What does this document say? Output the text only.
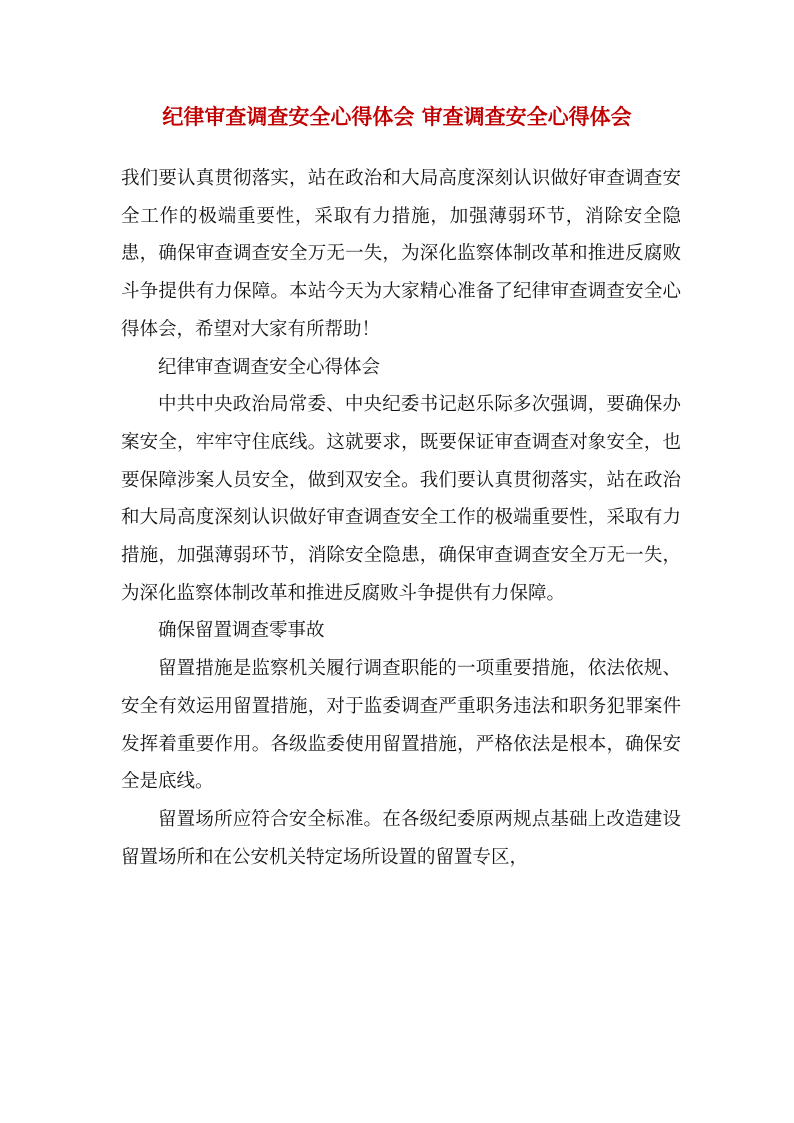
纪律审查调查安全心得体会 审查调查安全心得体会

我们要认真贯彻落实，站在政治和大局高度深刻认识做好审查调查安全工作的极端重要性，采取有力措施，加强薄弱环节，消除安全隐患，确保审查调查安全万无一失，为深化监察体制改革和推进反腐败斗争提供有力保障。本站今天为大家精心准备了纪律审查调查安全心得体会，希望对大家有所帮助！

纪律审查调查安全心得体会

中共中央政治局常委、中央纪委书记赵乐际多次强调，要确保办案安全，牢牢守住底线。这就要求，既要保证审查调查对象安全，也要保障涉案人员安全，做到双安全。我们要认真贯彻落实，站在政治和大局高度深刻认识做好审查调查安全工作的极端重要性，采取有力措施，加强薄弱环节，消除安全隐患，确保审查调查安全万无一失，为深化监察体制改革和推进反腐败斗争提供有力保障。

确保留置调查零事故

留置措施是监察机关履行调查职能的一项重要措施，依法依规、安全有效运用留置措施，对于监委调查严重职务违法和职务犯罪案件发挥着重要作用。各级监委使用留置措施，严格依法是根本，确保安全是底线。

留置场所应符合安全标准。在各级纪委原两规点基础上改造建设留置场所和在公安机关特定场所设置的留置专区，
